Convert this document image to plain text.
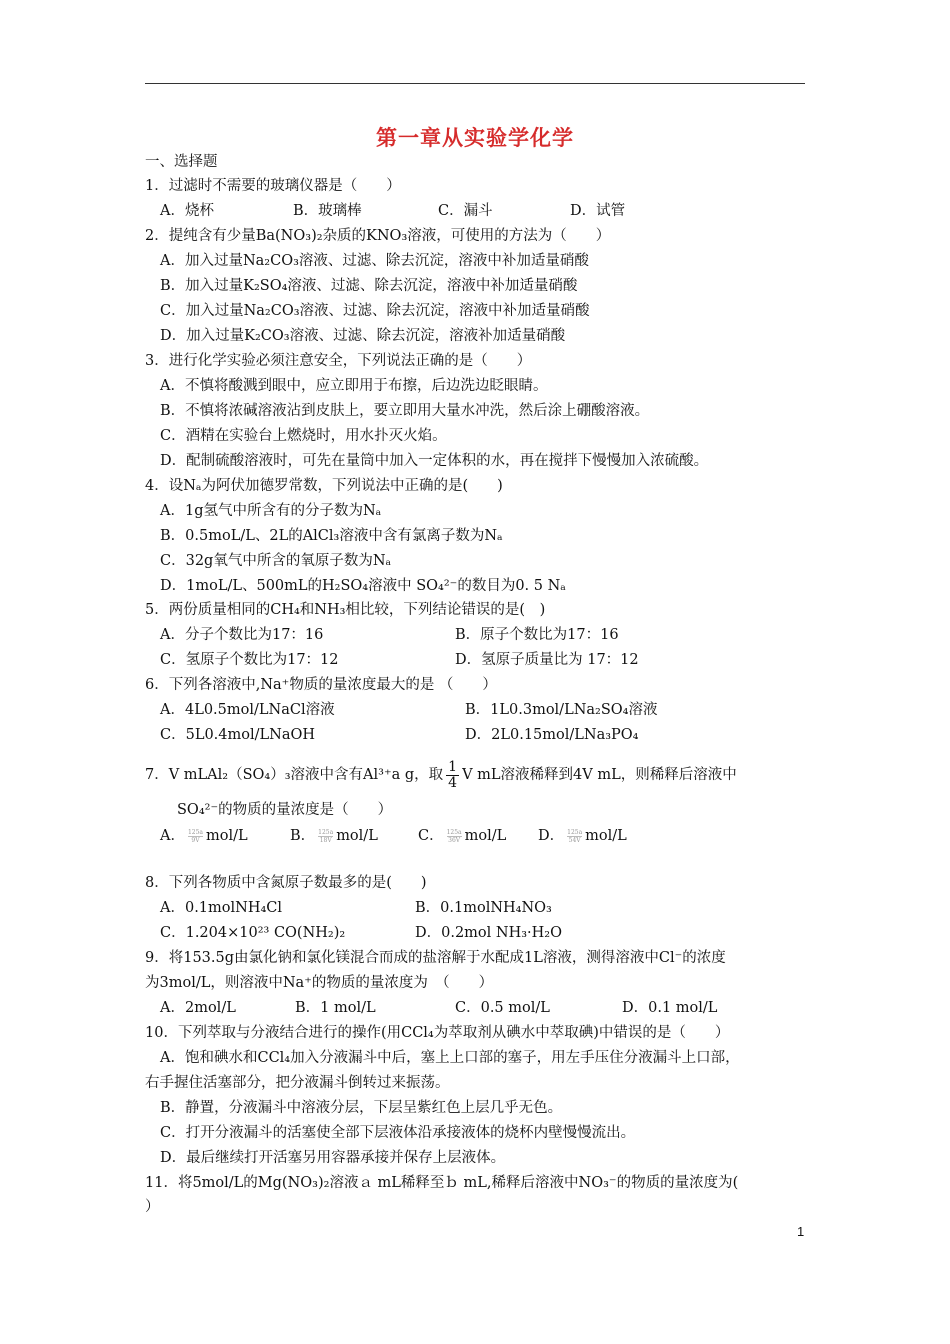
第一章从实验学化学
一、选择题
1．过滤时不需要的玻璃仪器是（　　）
A．烧杯	B．玻璃棒	C．漏斗	D．试管
2．提纯含有少量Ba(NO₃)₂杂质的KNO₃溶液，可使用的方法为（　　）
A．加入过量Na₂CO₃溶液、过滤、除去沉淀，溶液中补加适量硝酸
B．加入过量K₂SO₄溶液、过滤、除去沉淀，溶液中补加适量硝酸
C．加入过量Na₂CO₃溶液、过滤、除去沉淀，溶液中补加适量硝酸
D．加入过量K₂CO₃溶液、过滤、除去沉淀，溶液补加适量硝酸
3．进行化学实验必须注意安全，下列说法正确的是（　　）
A．不慎将酸溅到眼中，应立即用于布擦，后边洗边眨眼睛。
B．不慎将浓碱溶液沾到皮肤上，要立即用大量水冲洗，然后涂上硼酸溶液。
C．酒精在实验台上燃烧时，用水扑灭火焰。
D．配制硫酸溶液时，可先在量筒中加入一定体积的水，再在搅拌下慢慢加入浓硫酸。
4．设Nₐ为阿伏加德罗常数，下列说法中正确的是(　　)
A．1g氢气中所含有的分子数为Nₐ
B．0.5moL/L、2L的AlCl₃溶液中含有氯离子数为Nₐ
C．32g氧气中所含的氧原子数为Nₐ
D．1moL/L、500mL的H₂SO₄溶液中 SO₄²⁻的数目为0. 5 Nₐ
5．两份质量相同的CH₄和NH₃相比较，下列结论错误的是(　)
A．分子个数比为17：16	B．原子个数比为17：16
C．氢原子个数比为17：12	D．氢原子质量比为 17：12
6．下列各溶液中,Na⁺物质的量浓度最大的是 （　　）
A．4L0.5mol/LNaCl溶液	B．1L0.3mol/LNa₂SO₄溶液
C．5L0.4mol/LNaOH	D．2L0.15mol/LNa₃PO₄
7．V mLAl₂（SO₄）₃溶液中含有Al³⁺a g，取 $\frac{1}{4}$ V mL溶液稀释到4V mL，则稀释后溶液中
SO₄²⁻的物质的量浓度是（　　）
A． $\frac{125a}{9V} mol/L$	B． $\frac{125a}{18V} mol/L$	C． $\frac{125a}{36V} mol/L$ D． $\frac{125a}{54V} mol/L$
8．下列各物质中含氮原子数最多的是(　　)
A．0.1molNH₄Cl	B．0.1molNH₄NO₃
C．1.204×10²³ CO(NH₂)₂	D．0.2mol NH₃·H₂O
9．将153.5g由氯化钠和氯化镁混合而成的盐溶解于水配成1L溶液，测得溶液中Cl⁻的浓度
为3mol/L，则溶液中Na⁺的物质的量浓度为　（　　）
A．2mol/L	B．1 mol/L	C．0.5 mol/L	D．0.1 mol/L
10．下列萃取与分液结合进行的操作(用CCl₄为萃取剂从碘水中萃取碘)中错误的是（　　）
A．饱和碘水和CCl₄加入分液漏斗中后，塞上上口部的塞子，用左手压住分液漏斗上口部，
右手握住活塞部分，把分液漏斗倒转过来振荡。
B．静置，分液漏斗中溶液分层，下层呈紫红色上层几乎无色。
C．打开分液漏斗的活塞使全部下层液体沿承接液体的烧杯内壁慢慢流出。
D．最后继续打开活塞另用容器承接并保存上层液体。
11．将5mol/L的Mg(NO₃)₂溶液ａ mL稀释至ｂ mL,稀释后溶液中NO₃⁻的物质的量浓度为(
）
1
